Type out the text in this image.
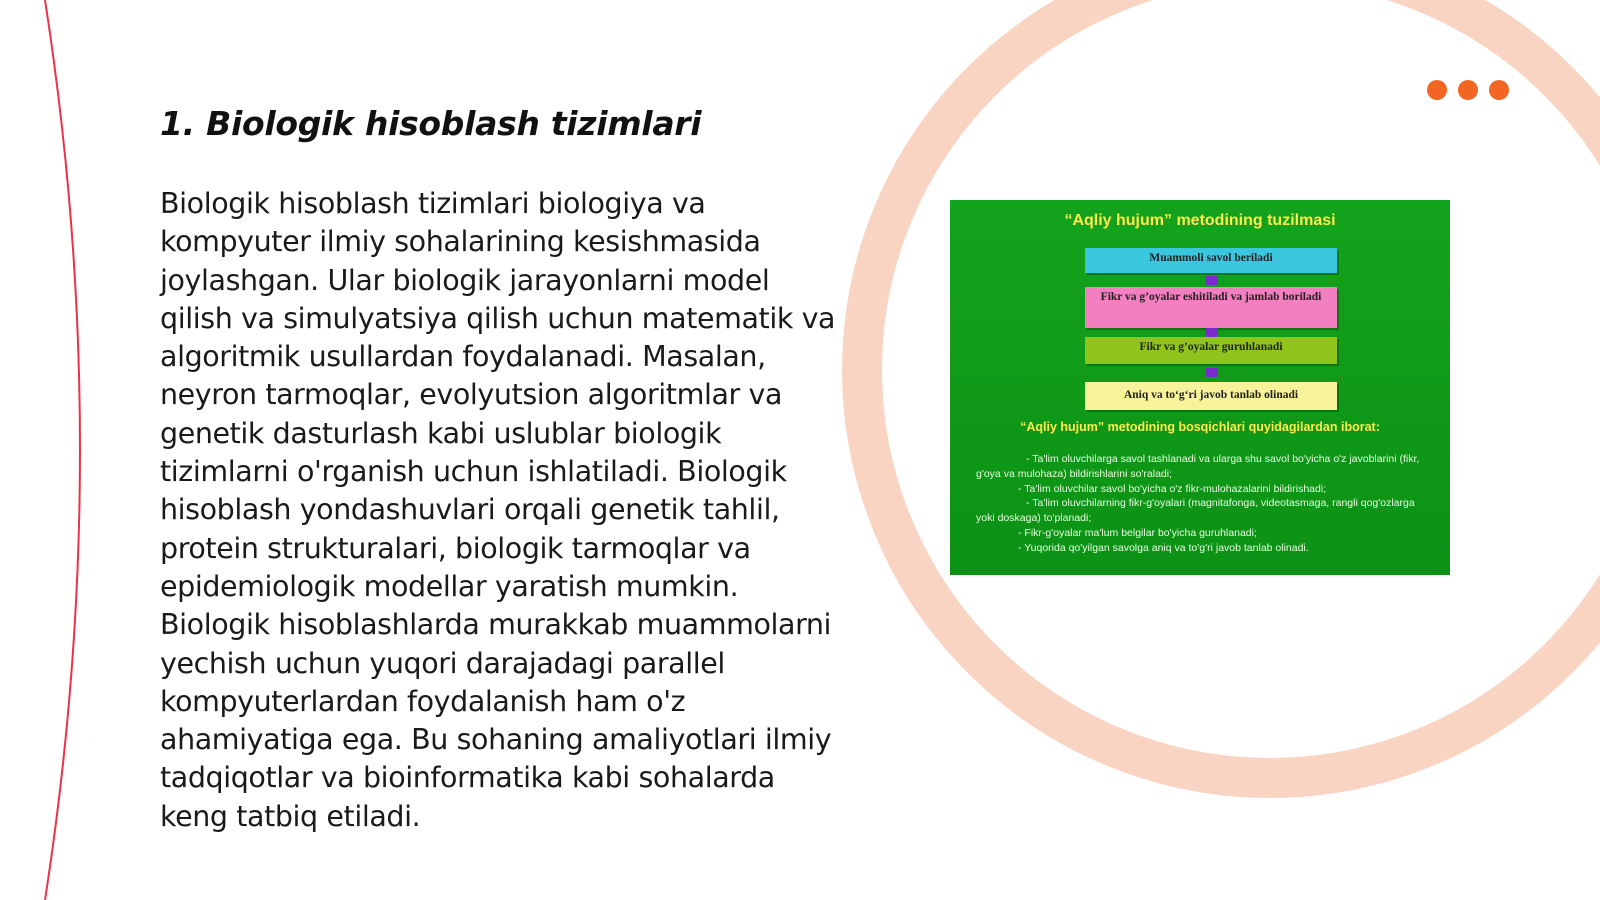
1. Biologik hisoblash tizimlari

Biologik hisoblash tizimlari biologiya va kompyuter ilmiy sohalarining kesishmasida joylashgan. Ular biologik jarayonlarni model qilish va simulyatsiya qilish uchun matematik va algoritmik usullardan foydalanadi. Masalan, neyron tarmoqlar, evolyutsion algoritmlar va genetik dasturlash kabi uslublar biologik tizimlarni o'rganish uchun ishlatiladi. Biologik hisoblash yondashuvlari orqali genetik tahlil, protein strukturalari, biologik tarmoqlar va epidemiologik modellar yaratish mumkin. Biologik hisoblashlarda murakkab muammolarni yechish uchun yuqori darajadagi parallel kompyuterlardan foydalanish ham o'z ahamiyatiga ega. Bu sohaning amaliyotlari ilmiy tadqiqotlar va bioinformatika kabi sohalarda keng tatbiq etiladi.

“Aqliy hujum” metodining tuzilmasi
Muammoli savol beriladi
Fikr va g’oyalar eshitiladi va jamlab boriladi
Fikr va g’oyalar guruhlanadi
Aniq va to‘g‘ri javob tanlab olinadi
“Aqliy hujum” metodining bosqichlari quyidagilardan iborat:
- Ta'lim oluvchilarga savol tashlanadi va ularga shu savol bo'yicha o'z javoblarini (fikr, g'oya va mulohaza) bildirishlarini so'raladi;
- Ta'lim oluvchilar savol bo'yicha o'z fikr-mulohazalarini bildirishadi;
- Ta'lim oluvchilarning fikr-g'oyalari (magnitafonga, videotasmaga, rangli qog'ozlarga yoki doskaga) to'planadi;
- Fikr-g'oyalar ma'lum belgilar bo'yicha guruhlanadi;
- Yuqorida qo'yilgan savolga aniq va to'g'ri javob tanlab olinadi.
